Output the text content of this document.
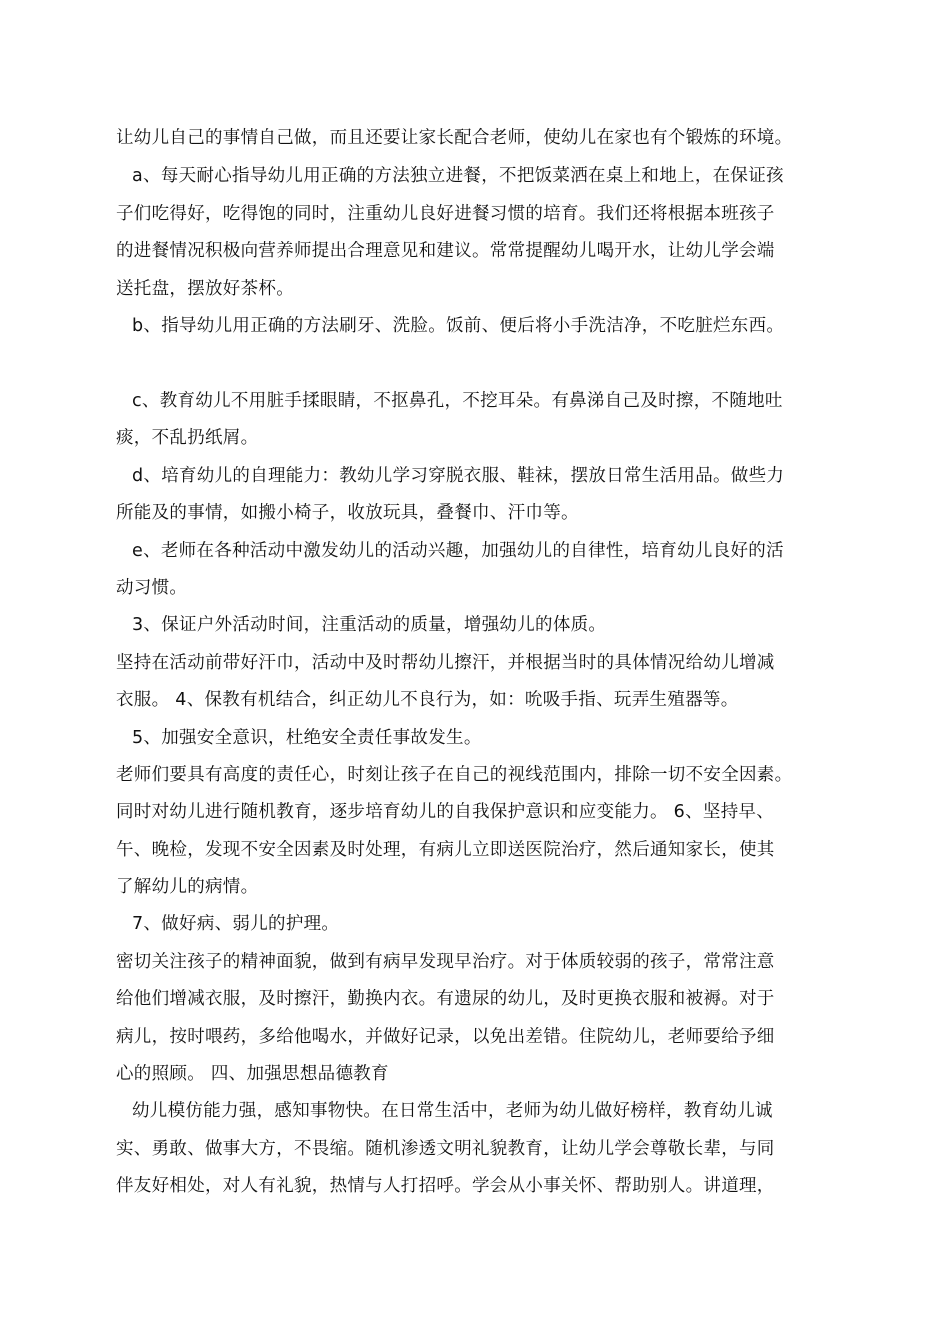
让幼儿自己的事情自己做，而且还要让家长配合老师，使幼儿在家也有个锻炼的环境。
a、每天耐心指导幼儿用正确的方法独立进餐，不把饭菜洒在桌上和地上，在保证孩
子们吃得好，吃得饱的同时，注重幼儿良好进餐习惯的培育。我们还将根据本班孩子
的进餐情况积极向营养师提出合理意见和建议。常常提醒幼儿喝开水，让幼儿学会端
送托盘，摆放好茶杯。
b、指导幼儿用正确的方法刷牙、洗脸。饭前、便后将小手洗洁净，不吃脏烂东西。
c、教育幼儿不用脏手揉眼睛，不抠鼻孔，不挖耳朵。有鼻涕自己及时擦，不随地吐
痰，不乱扔纸屑。
d、培育幼儿的自理能力：教幼儿学习穿脱衣服、鞋袜，摆放日常生活用品。做些力
所能及的事情，如搬小椅子，收放玩具，叠餐巾、汗巾等。
e、老师在各种活动中激发幼儿的活动兴趣，加强幼儿的自律性，培育幼儿良好的活
动习惯。
3、保证户外活动时间，注重活动的质量，增强幼儿的体质。
坚持在活动前带好汗巾，活动中及时帮幼儿擦汗，并根据当时的具体情况给幼儿增减
衣服。 4、保教有机结合，纠正幼儿不良行为，如：吮吸手指、玩弄生殖器等。
5、加强安全意识，杜绝安全责任事故发生。
老师们要具有高度的责任心，时刻让孩子在自己的视线范围内，排除一切不安全因素。
同时对幼儿进行随机教育，逐步培育幼儿的自我保护意识和应变能力。 6、坚持早、
午、晚检，发现不安全因素及时处理，有病儿立即送医院治疗，然后通知家长，使其
了解幼儿的病情。
7、做好病、弱儿的护理。
密切关注孩子的精神面貌，做到有病早发现早治疗。对于体质较弱的孩子，常常注意
给他们增减衣服，及时擦汗，勤换内衣。有遗尿的幼儿，及时更换衣服和被褥。对于
病儿，按时喂药，多给他喝水，并做好记录，以免出差错。住院幼儿，老师要给予细
心的照顾。 四、加强思想品德教育
幼儿模仿能力强，感知事物快。在日常生活中，老师为幼儿做好榜样，教育幼儿诚
实、勇敢、做事大方，不畏缩。随机渗透文明礼貌教育，让幼儿学会尊敬长辈，与同
伴友好相处，对人有礼貌，热情与人打招呼。学会从小事关怀、帮助别人。讲道理，
